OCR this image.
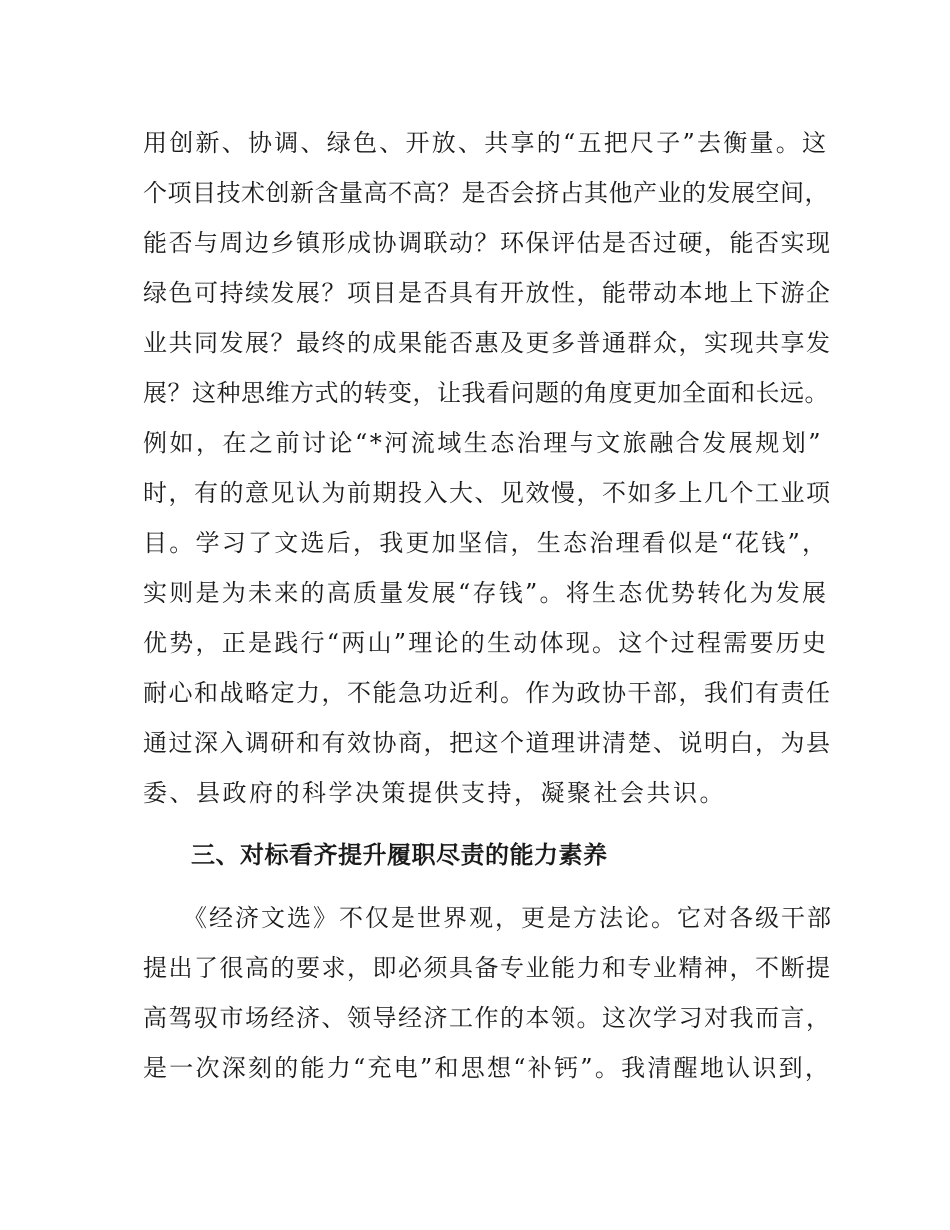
用创新、协调、绿色、开放、共享的“五把尺子”去衡量。这
个项目技术创新含量高不高？是否会挤占其他产业的发展空间，
能否与周边乡镇形成协调联动？环保评估是否过硬，能否实现
绿色可持续发展？项目是否具有开放性，能带动本地上下游企
业共同发展？最终的成果能否惠及更多普通群众，实现共享发
展？这种思维方式的转变，让我看问题的角度更加全面和长远。
例如，在之前讨论“*河流域生态治理与文旅融合发展规划”
时，有的意见认为前期投入大、见效慢，不如多上几个工业项
目。学习了文选后，我更加坚信，生态治理看似是“花钱”，
实则是为未来的高质量发展“存钱”。将生态优势转化为发展
优势，正是践行“两山”理论的生动体现。这个过程需要历史
耐心和战略定力，不能急功近利。作为政协干部，我们有责任
通过深入调研和有效协商，把这个道理讲清楚、说明白，为县
委、县政府的科学决策提供支持，凝聚社会共识。
三、对标看齐提升履职尽责的能力素养
　　《经济文选》不仅是世界观，更是方法论。它对各级干部
提出了很高的要求，即必须具备专业能力和专业精神，不断提
高驾驭市场经济、领导经济工作的本领。这次学习对我而言，
是一次深刻的能力“充电”和思想“补钙”。我清醒地认识到，
